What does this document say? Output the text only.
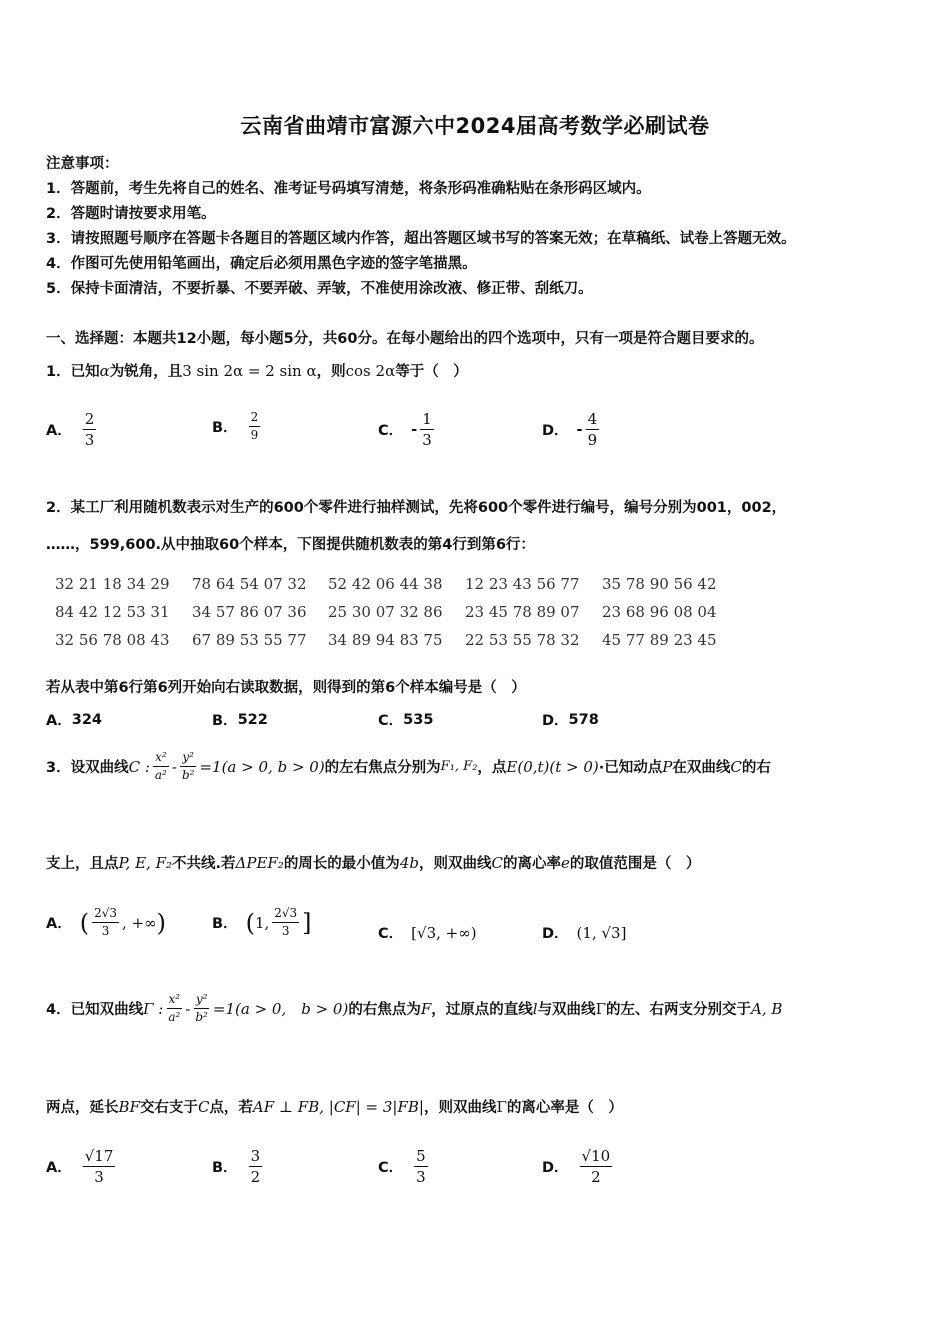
云南省曲靖市富源六中2024届高考数学必刷试卷
注意事项：
1．答题前，考生先将自己的姓名、准考证号码填写清楚，将条形码准确粘贴在条形码区域内。
2．答题时请按要求用笔。
3．请按照题号顺序在答题卡各题目的答题区域内作答，超出答题区域书写的答案无效；在草稿纸、试卷上答题无效。
4．作图可先使用铅笔画出，确定后必须用黑色字迹的签字笔描黑。
5．保持卡面清洁，不要折暴、不要弄破、弄皱，不准使用涂改液、修正带、刮纸刀。
一、选择题：本题共12小题，每小题5分，共60分。在每小题给出的四个选项中，只有一项是符合题目要求的。
1．已知α为锐角，且3 sin 2α = 2 sin α，则cos 2α等于（　）
A． $\frac{2}{3}$	B． $\frac{2}{9}$	C． - $\frac{1}{3}$	D． - $\frac{4}{9}$
2．某工厂利用随机数表示对生产的600个零件进行抽样测试，先将600个零件进行编号，编号分别为001，002，
……，599,600.从中抽取60个样本，下图提供随机数表的第4行到第6行：
32 21 18 34 29 78 64 54 07 32 52 42 06 44 38 12 23 43 56 77 35 78 90 56 42
84 42 12 53 31 34 57 86 07 36 25 30 07 32 86 23 45 78 89 07 23 68 96 08 04
32 56 78 08 43 67 89 53 55 77 34 89 94 83 75 22 53 55 78 32 45 77 89 23 45
若从表中第6行第6列开始向右读取数据，则得到的第6个样本编号是（　）
A． 324	B． 522	C． 535	D． 578
3．设双曲线 C : $\frac{\text{x²}}{\text{a²}} - \frac{\text{y²}}{\text{b²}} =1(a > 0$, b > 0) 的左右焦点分别为 F₁, F₂ ，点 E(0,t)(t > 0) ·已知动点 P 在双曲线 C 的右
支上，且点P, E, F₂不共线.若ΔPEF₂的周长的最小值为4b，则双曲线C的离心率e的取值范围是（　）
A． ( $\frac{2√3}{3}$ , +∞ )	B． ( 1, $\frac{2√3}{3}$ ]	C． [√3, +∞)	D． (1, √3]
4．已知双曲线 Γ : $\frac{\text{x²}}{\text{a²}} - \frac{\text{y²}}{\text{b²}} =1(a > 0$,　b > 0) 的右焦点为 F ，过原点的直线 l 与双曲线 Γ 的左、右两支分别交于 A, B
两点，延长BF交右支于C点，若AF ⊥ FB, |CF| = 3|FB|，则双曲线Γ的离心率是（　）
A． $\frac{√17}{3}$	B． $\frac{3}{2}$	C． $\frac{5}{3}$	D． $\frac{√10}{2}$
